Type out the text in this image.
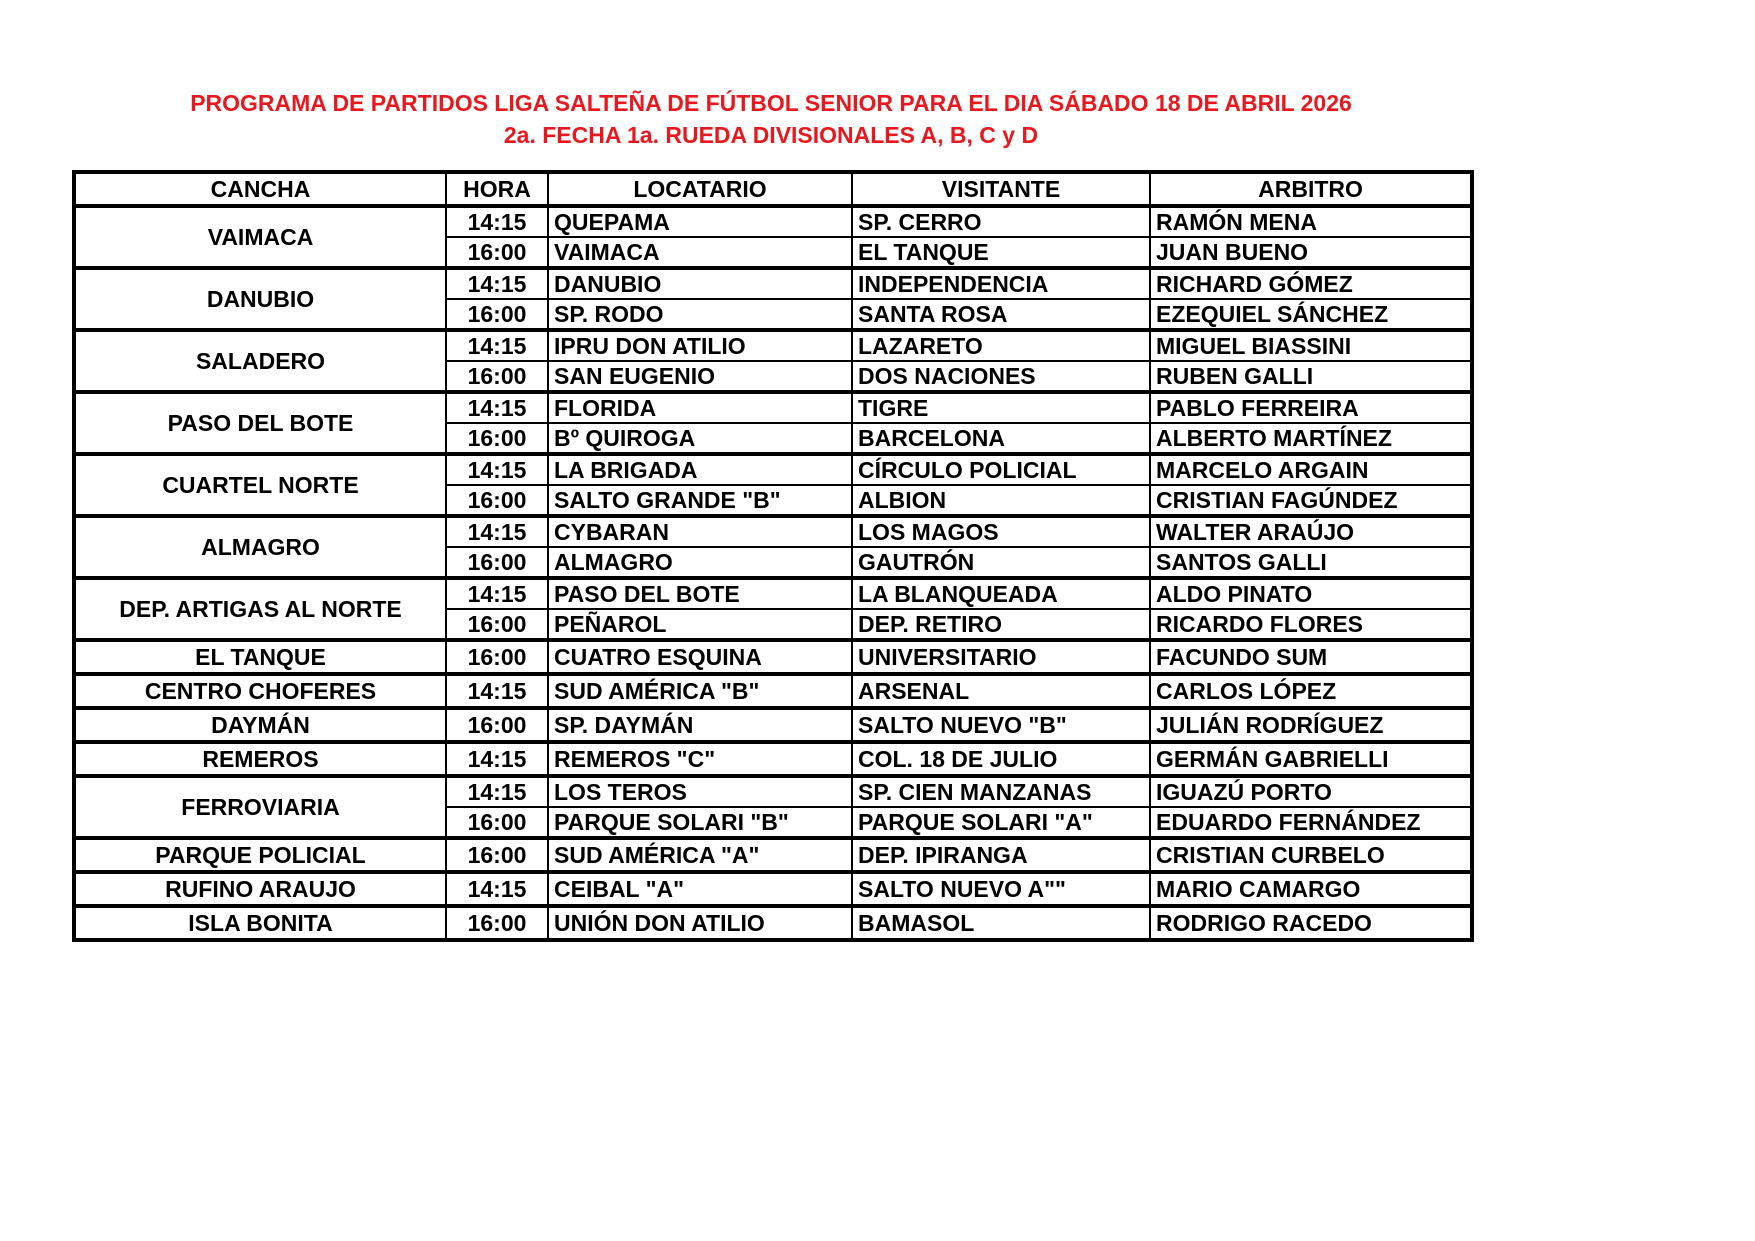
PROGRAMA DE PARTIDOS LIGA SALTEÑA DE FÚTBOL SENIOR PARA EL DIA SÁBADO 18 DE ABRIL 2026

2a. FECHA 1a. RUEDA DIVISIONALES A, B, C y D

CANCHA	HORA	LOCATARIO	VISITANTE	ARBITRO
VAIMACA	14:15	QUEPAMA	SP. CERRO	RAMÓN MENA
	16:00	VAIMACA	EL TANQUE	JUAN BUENO
DANUBIO	14:15	DANUBIO	INDEPENDENCIA	RICHARD GÓMEZ
	16:00	SP. RODO	SANTA ROSA	EZEQUIEL SÁNCHEZ
SALADERO	14:15	IPRU DON ATILIO	LAZARETO	MIGUEL BIASSINI
	16:00	SAN EUGENIO	DOS NACIONES	RUBEN GALLI
PASO DEL BOTE	14:15	FLORIDA	TIGRE	PABLO FERREIRA
	16:00	Bº QUIROGA	BARCELONA	ALBERTO MARTÍNEZ
CUARTEL NORTE	14:15	LA BRIGADA	CÍRCULO POLICIAL	MARCELO ARGAIN
	16:00	SALTO GRANDE "B"	ALBION	CRISTIAN FAGÚNDEZ
ALMAGRO	14:15	CYBARAN	LOS MAGOS	WALTER ARAÚJO
	16:00	ALMAGRO	GAUTRÓN	SANTOS GALLI
DEP. ARTIGAS AL NORTE	14:15	PASO DEL BOTE	LA BLANQUEADA	ALDO PINATO
	16:00	PEÑAROL	DEP. RETIRO	RICARDO FLORES
EL TANQUE	16:00	CUATRO ESQUINA	UNIVERSITARIO	FACUNDO SUM
CENTRO CHOFERES	14:15	SUD AMÉRICA "B"	ARSENAL	CARLOS LÓPEZ
DAYMÁN	16:00	SP. DAYMÁN	SALTO NUEVO "B"	JULIÁN RODRÍGUEZ
REMEROS	14:15	REMEROS "C"	COL. 18 DE JULIO	GERMÁN GABRIELLI
FERROVIARIA	14:15	LOS TEROS	SP. CIEN MANZANAS	IGUAZÚ PORTO
	16:00	PARQUE SOLARI "B"	PARQUE SOLARI "A"	EDUARDO FERNÁNDEZ
PARQUE POLICIAL	16:00	SUD AMÉRICA "A"	DEP. IPIRANGA	CRISTIAN CURBELO
RUFINO ARAUJO	14:15	CEIBAL "A"	SALTO NUEVO A""	MARIO CAMARGO
ISLA BONITA	16:00	UNIÓN DON ATILIO	BAMASOL	RODRIGO RACEDO
